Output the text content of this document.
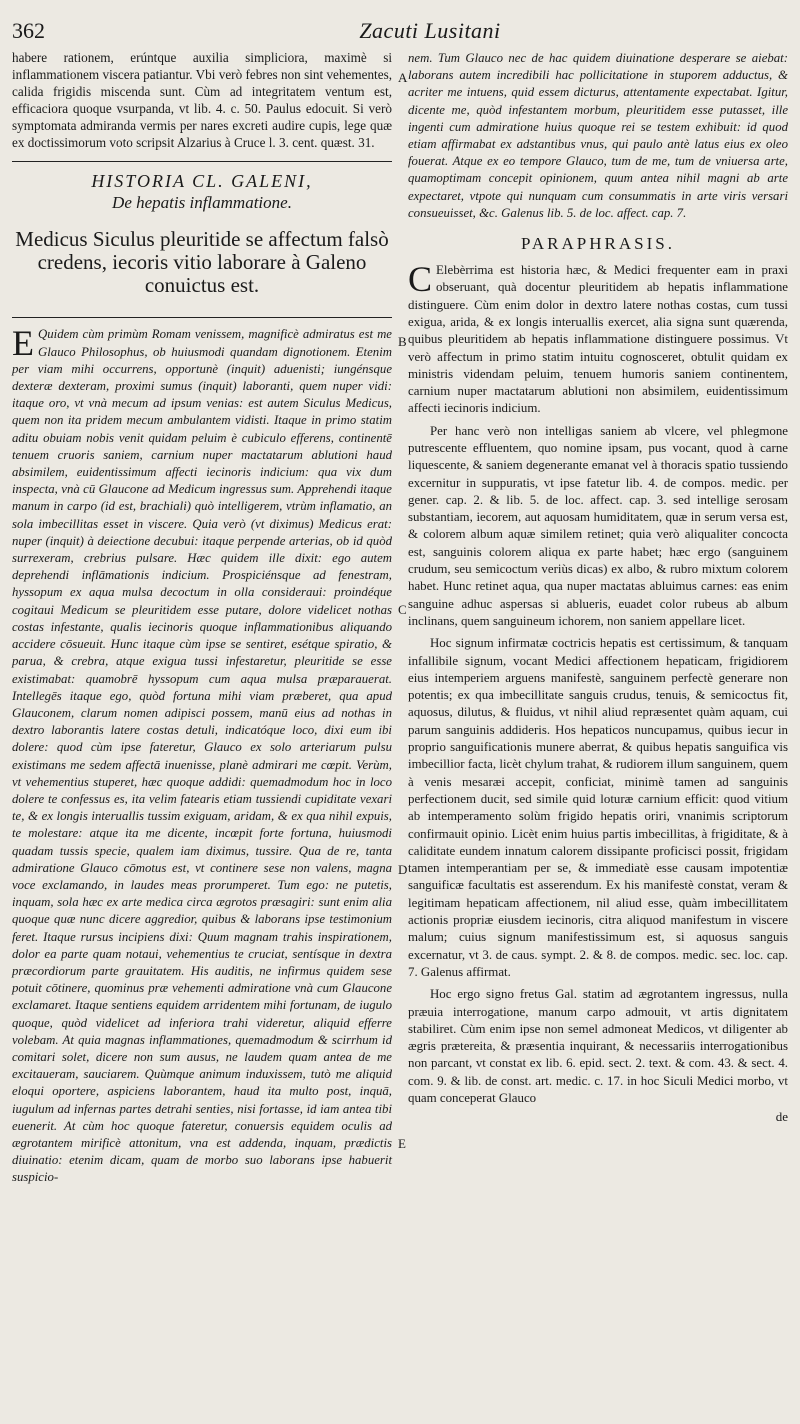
362	Zacuti Lusitani

habere rationem, erúntque auxilia simpliciora, maximè si inflammationem viscera patiantur. Vbi verò febres non sint vehementes, calida frigidis miscenda sunt. Cùm ad integritatem ventum est, efficaciora quoque vsurpanda, vt lib. 4. c. 50. Paulus edocuit. Si verò symptomata admiranda vermis per nares excreti audire cupis, lege quæ ex doctissimorum voto scripsit Alzarius à Cruce l. 3. cent. quæst. 31.

HISTORIA CL. GALENI,
De hepatis inflammatione.
Medicus Siculus pleuritide se affectum falsò credens, iecoris vitio laborare à Galeno conuictus est.

E Quidem cùm primùm Romam venissem, magnificè admiratus est me Glauco Philosophus, ob huiusmodi quandam dignotionem. Etenim per viam mihi occurrens, opportunè (inquit) aduenisti; iungénsque dexteræ dexteram, proximi sumus (inquit) laboranti, quem nuper vidi: itaque oro, vt vnà mecum ad ipsum venias: est autem Siculus Medicus, quem non ita pridem mecum ambulantem vidisti. Itaque in primo statim aditu obuiam nobis venit quidam peluim è cubiculo efferens, continentē tenuem cruoris saniem, carnium nuper mactatarum ablutioni haud absimilem, euidentissimum affecti iecinoris indicium: qua vix dum inspecta, vnà cū Glaucone ad Medicum ingressus sum. Apprehendi itaque manum in carpo (id est, brachiali) quò intelligerem, vtrùm inflamatio, an sola imbecillitas esset in viscere. Quia verò (vt diximus) Medicus erat: nuper (inquit) à deiectione decubui: itaque perpende arterias, ob id quòd surrexeram, crebrius pulsare. Hæc quidem ille dixit: ego autem deprehendi inflāmationis indicium. Prospiciénsque ad fenestram, hyssopum ex aqua mulsa decoctum in olla consideraui: proindéque cogitaui Medicum se pleuritidem esse putare, dolore videlicet nothas costas infestante, qualis iecinoris quoque inflammationibus aliquando accidere cōsueuit. Hunc itaque cùm ipse se sentiret, esétque spiratio, & parua, & crebra, atque exigua tussi infestaretur, pleuritide se esse existimabat: quamobrē hyssopum cum aqua mulsa præparauerat. Intellegēs itaque ego, quòd fortuna mihi viam præberet, qua apud Glauconem, clarum nomen adipisci possem, manū eius ad nothas in dextro laborantis latere costas detuli, indicatóque loco, dixi eum ibi dolere: quod cùm ipse fateretur, Glauco ex solo arteriarum pulsu existimans me sedem affectā inuenisse, planè admirari me cœpit. Verùm, vt vehementius stuperet, hæc quoque addidi: quemadmodum hoc in loco dolere te confessus es, ita velim fatearis etiam tussiendi cupiditate vexari te, & ex longis interuallis tussim exiguam, aridam, & ex qua nihil expuis, te molestare: atque ita me dicente, incœpit forte fortuna, huiusmodi quadam tussis specie, qualem iam diximus, tussire. Qua de re, tanta admiratione Glauco cōmotus est, vt continere sese non valens, magna voce exclamando, in laudes meas prorumperet. Tum ego: ne putetis, inquam, sola hæc ex arte medica circa ægrotos præsagiri: sunt enim alia quoque quæ nunc dicere aggredior, quibus & laborans ipse testimonium feret. Itaque rursus incipiens dixi: Quum magnam trahis inspirationem, dolor ea parte quam notaui, vehementius te cruciat, sentísque in dextra præcordiorum parte grauitatem. His auditis, ne infirmus quidem sese potuit cōtinere, quominus præ vehementi admiratione vnà cum Glaucone exclamaret. Itaque sentiens equidem arridentem mihi fortunam, de iugulo quoque, quòd videlicet ad inferiora trahi videretur, aliquid efferre volebam. At quia magnas inflammationes, quemadmodum & scirrhum id comitari solet, dicere non sum ausus, ne laudem quam antea de me excitaueram, sauciarem. Quùmque animum induxissem, tutò me aliquid eloqui oportere, aspiciens laborantem, haud ita multo post, inquā, iugulum ad infernas partes detrahi senties, nisi fortasse, id iam antea tibi euenerit. At cùm hoc quoque fateretur, conuersis equidem oculis ad ægrotantem mirificè attonitum, vna est addenda, inquam, prædictis diuinatio: etenim dicam, quam de morbo suo laborans ipse habuerit suspicio-

nem. Tum Glauco nec de hac quidem diuinatione desperare se aiebat: laborans autem incredibili hac pollicitatione in stuporem adductus, & acriter me intuens, quid essem dicturus, attentamente expectabat. Igitur, dicente me, quòd infestantem morbum, pleuritidem esse putasset, ille ingenti cum admiratione huius quoque rei se testem exhibuit: id quod etiam affirmabat ex adstantibus vnus, qui paulo antè latus eius ex oleo fouerat. Atque ex eo tempore Glauco, tum de me, tum de vniuersa arte, quamoptimam concepit opinionem, quum antea nihil magni ab arte expectaret, vtpote qui nunquam cum consummatis in arte viris versari consueuisset, &c. Galenus lib. 5. de loc. affect. cap. 7.

PARAPHRASIS.

C Elebèrrima est historia hæc, & Medici frequenter eam in praxi obseruant, quà docentur pleuritidem ab hepatis inflammatione distinguere. Cùm enim dolor in dextro latere nothas costas, cum tussi exigua, arida, & ex longis interuallis exercet, alia signa sunt quærenda, quibus pleuritidem ab hepatis inflammatione distinguere possimus. Vt verò affectum in primo statim intuitu cognosceret, obtulit quidam ex ministris videndam peluim, tenuem humoris saniem continentem, carnium nuper mactatarum ablutioni non absimilem, euidentissimum affecti iecinoris indicium.

Per hanc verò non intelligas saniem ab vlcere, vel phlegmone putrescente effluentem, quo nomine ipsam, pus vocant, quod à carne liquescente, & saniem degenerante emanat vel à thoracis spatio tussiendo excernitur in suppuratis, vt ipse fatetur lib. 4. de compos. medic. per gener. cap. 2. & lib. 5. de loc. affect. cap. 3. sed intellige serosam substantiam, iecorem, aut aquosam humiditatem, quæ in serum versa est, & colorem album aquæ similem retinet; quia verò aliqualiter concocta est, sanguinis colorem aliqua ex parte habet; hæc ergo (sanguinem crudum, seu semicoctum veriùs dicas) ex albo, & rubro mixtum colorem habet. Hunc retinet aqua, qua nuper mactatas abluimus carnes: eas enim sanguine adhuc aspersas si ablueris, euadet color rubeus ab album inclinans, quem sanguineum ichorem, non saniem appellare licet.

Hoc signum infirmatæ coctricis hepatis est certissimum, & tanquam infallibile signum, vocant Medici affectionem hepaticam, frigidiorem eius intemperiem arguens manifestè, sanguinem perfectè generare non potentis; ex qua imbecillitate sanguis crudus, tenuis, & semicoctus fit, aquosus, dilutus, & fluidus, vt nihil aliud repræsentet quàm aquam, cui parum sanguinis addideris. Hos hepaticos nuncupamus, quibus iecur in proprio sanguificationis munere aberrat, & quibus hepatis sanguifica vis imbecillior facta, licèt chylum trahat, & rudiorem illum sanguinem, quem à venis mesaræi accepit, conficiat, minimè tamen ad sanguinis perfectionem ducit, sed simile quid loturæ carnium efficit: quod vitium ab intemperamento solùm frigido hepatis oriri, vnanimis scriptorum confirmauit opinio. Licèt enim huius partis imbecillitas, à frigiditate, & à caliditate eundem innatum calorem dissipante proficisci possit, frigidam tamen intemperantiam per se, & immediatè esse causam impotentiæ sanguificæ facultatis est asserendum. Ex his manifestè constat, veram & legitimam hepaticam affectionem, nil aliud esse, quàm imbecillitatem actionis propriæ eiusdem iecinoris, citra aliquod manifestum in viscere malum; cuius signum manifestissimum est, si aquosus sanguis excernatur, vt 3. de caus. sympt. 2. & 8. de compos. medic. sec. loc. cap. 7. Galenus affirmat.

Hoc ergo signo fretus Gal. statim ad ægrotantem ingressus, nulla præuia interrogatione, manum carpo admouit, vt artis dignitatem stabiliret. Cùm enim ipse non semel admoneat Medicos, vt diligenter ab ægris prætereita, & præsentia inquirant, & necessariis interrogationibus non parcant, vt constat ex lib. 6. epid. sect. 2. text. & com. 43. & sect. 4. com. 9. & lib. de const. art. medic. c. 17. in hoc Siculi Medici morbo, vt quam conceperat Glauco

de
A
B
C
D
E
